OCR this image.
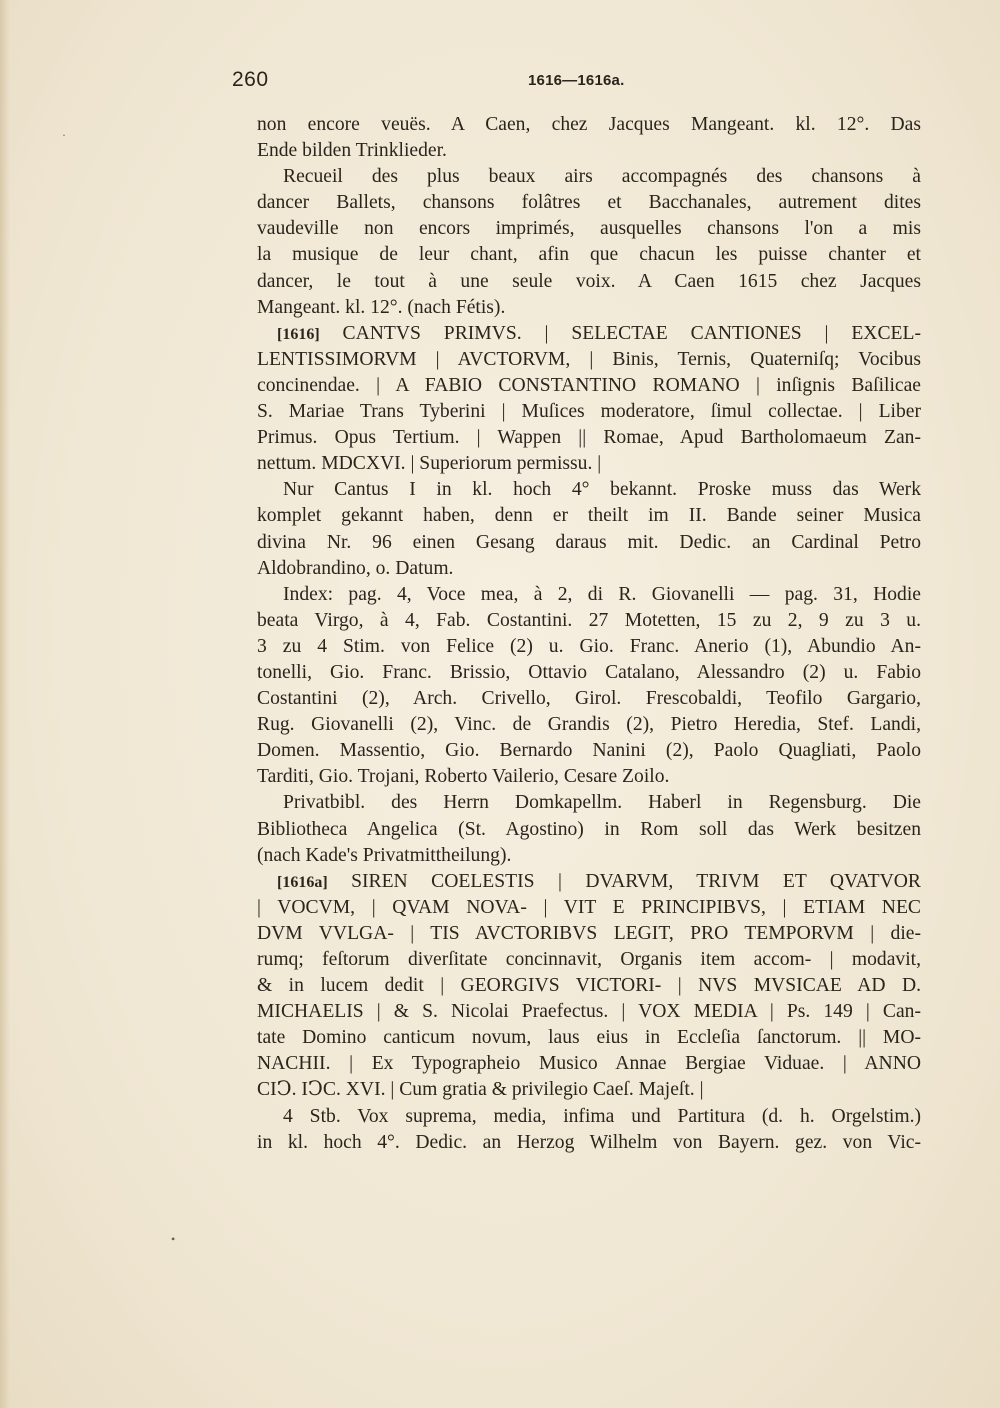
260	1616—1616a.
non encore veuës. A Caen, chez Jacques Mangeant. kl. 12°. Das
Ende bilden Trinklieder.
Recueil des plus beaux airs accompagnés des chansons à
dancer Ballets, chansons folâtres et Bacchanales, autrement dites
vaudeville non encors imprimés, ausquelles chansons l'on a mis
la musique de leur chant, afin que chacun les puisse chanter et
dancer, le tout à une seule voix. A Caen 1615 chez Jacques
Mangeant. kl. 12°. (nach Fétis).
[1616] CANTVS PRIMVS. | SELECTAE CANTIONES | EXCEL-
LENTISSIMORVM | AVCTORVM, | Binis, Ternis, Quaterniſq; Vocibus
concinendae. | A FABIO CONSTANTINO ROMANO | inſignis Baſilicae
S. Mariae Trans Tyberini | Muſices moderatore, ſimul collectae. | Liber
Primus. Opus Tertium. | Wappen || Romae, Apud Bartholomaeum Zan-
nettum. MDCXVI. | Superiorum permissu. |
Nur Cantus I in kl. hoch 4° bekannt. Proske muss das Werk
komplet gekannt haben, denn er theilt im II. Bande seiner Musica
divina Nr. 96 einen Gesang daraus mit. Dedic. an Cardinal Petro
Aldobrandino, o. Datum.
Index: pag. 4, Voce mea, à 2, di R. Giovanelli — pag. 31, Hodie
beata Virgo, à 4, Fab. Costantini. 27 Motetten, 15 zu 2, 9 zu 3 u.
3 zu 4 Stim. von Felice (2) u. Gio. Franc. Anerio (1), Abundio An-
tonelli, Gio. Franc. Brissio, Ottavio Catalano, Alessandro (2) u. Fabio
Costantini (2), Arch. Crivello, Girol. Frescobaldi, Teofilo Gargario,
Rug. Giovanelli (2), Vinc. de Grandis (2), Pietro Heredia, Stef. Landi,
Domen. Massentio, Gio. Bernardo Nanini (2), Paolo Quagliati, Paolo
Tarditi, Gio. Trojani, Roberto Vailerio, Cesare Zoilo.
Privatbibl. des Herrn Domkapellm. Haberl in Regensburg. Die
Bibliotheca Angelica (St. Agostino) in Rom soll das Werk besitzen
(nach Kade's Privatmittheilung).
[1616a] SIREN COELESTIS | DVARVM, TRIVM ET QVATVOR
| VOCVM, | QVAM NOVA- | VIT E PRINCIPIBVS, | ETIAM NEC
DVM VVLGA- | TIS AVCTORIBVS LEGIT, PRO TEMPORVM | die-
rumq; feſtorum diverſitate concinnavit, Organis item accom- | modavit,
& in lucem dedit | GEORGIVS VICTORI- | NVS MVSICAE AD D.
MICHAELIS | & S. Nicolai Praefectus. | VOX MEDIA | Ps. 149 | Can-
tate Domino canticum novum, laus eius in Eccleſia ſanctorum. || MO-
NACHII. | Ex Typographeio Musico Annae Bergiae Viduae. | ANNO
CIↃ. IↃC. XVI. | Cum gratia & privilegio Caeſ. Majeſt. |
4 Stb. Vox suprema, media, infima und Partitura (d. h. Orgelstim.)
in kl. hoch 4°. Dedic. an Herzog Wilhelm von Bayern. gez. von Vic-
·
•
